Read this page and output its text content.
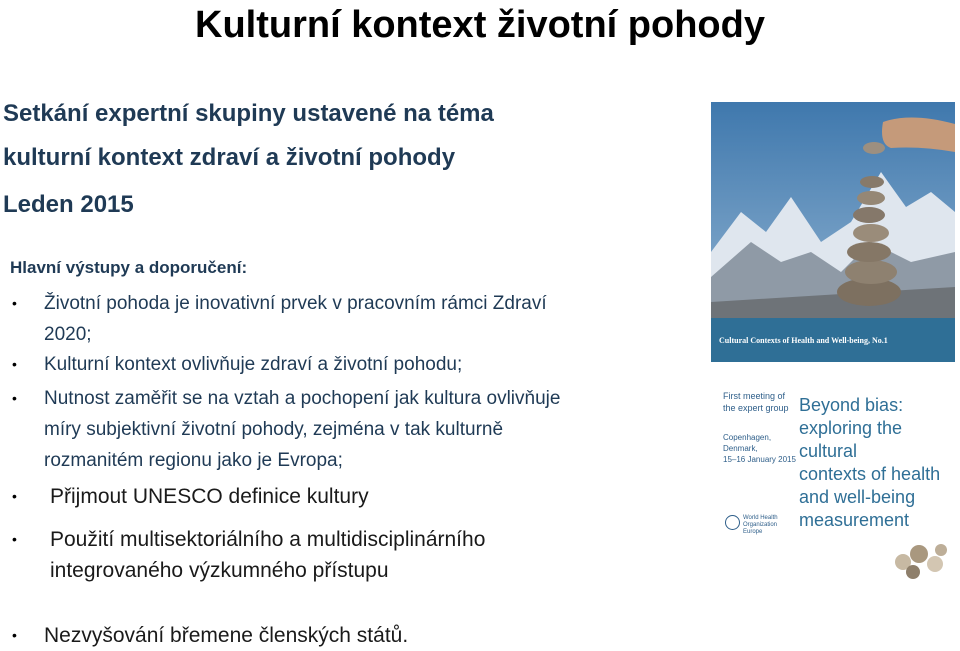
Kulturní kontext životní pohody
Setkání expertní skupiny ustavené na téma
kulturní kontext zdraví a životní pohody
Leden 2015
Hlavní výstupy a doporučení:
•	Životní pohoda je inovativní prvek v pracovním rámci Zdraví
2020;
•	Kulturní kontext ovlivňuje zdraví a životní pohodu;
•	Nutnost zaměřit se na vztah a pochopení jak kultura ovlivňuje
míry subjektivní životní pohody, zejména v tak kulturně
rozmanitém regionu jako je Evropa;
•	Přijmout UNESCO definice kultury
•	Použití multisektoriálního a multidisciplinárního
integrovaného výzkumného přístupu
•	Nezvyšování břemene členských států.
Cultural Contexts of Health and Well-being, No.1
First meeting of the expert group
Copenhagen, Denmark,
15–16 January 2015
Beyond bias:
exploring the cultural
contexts of health
and well-being
measurement
World Health
Organization
Europe
